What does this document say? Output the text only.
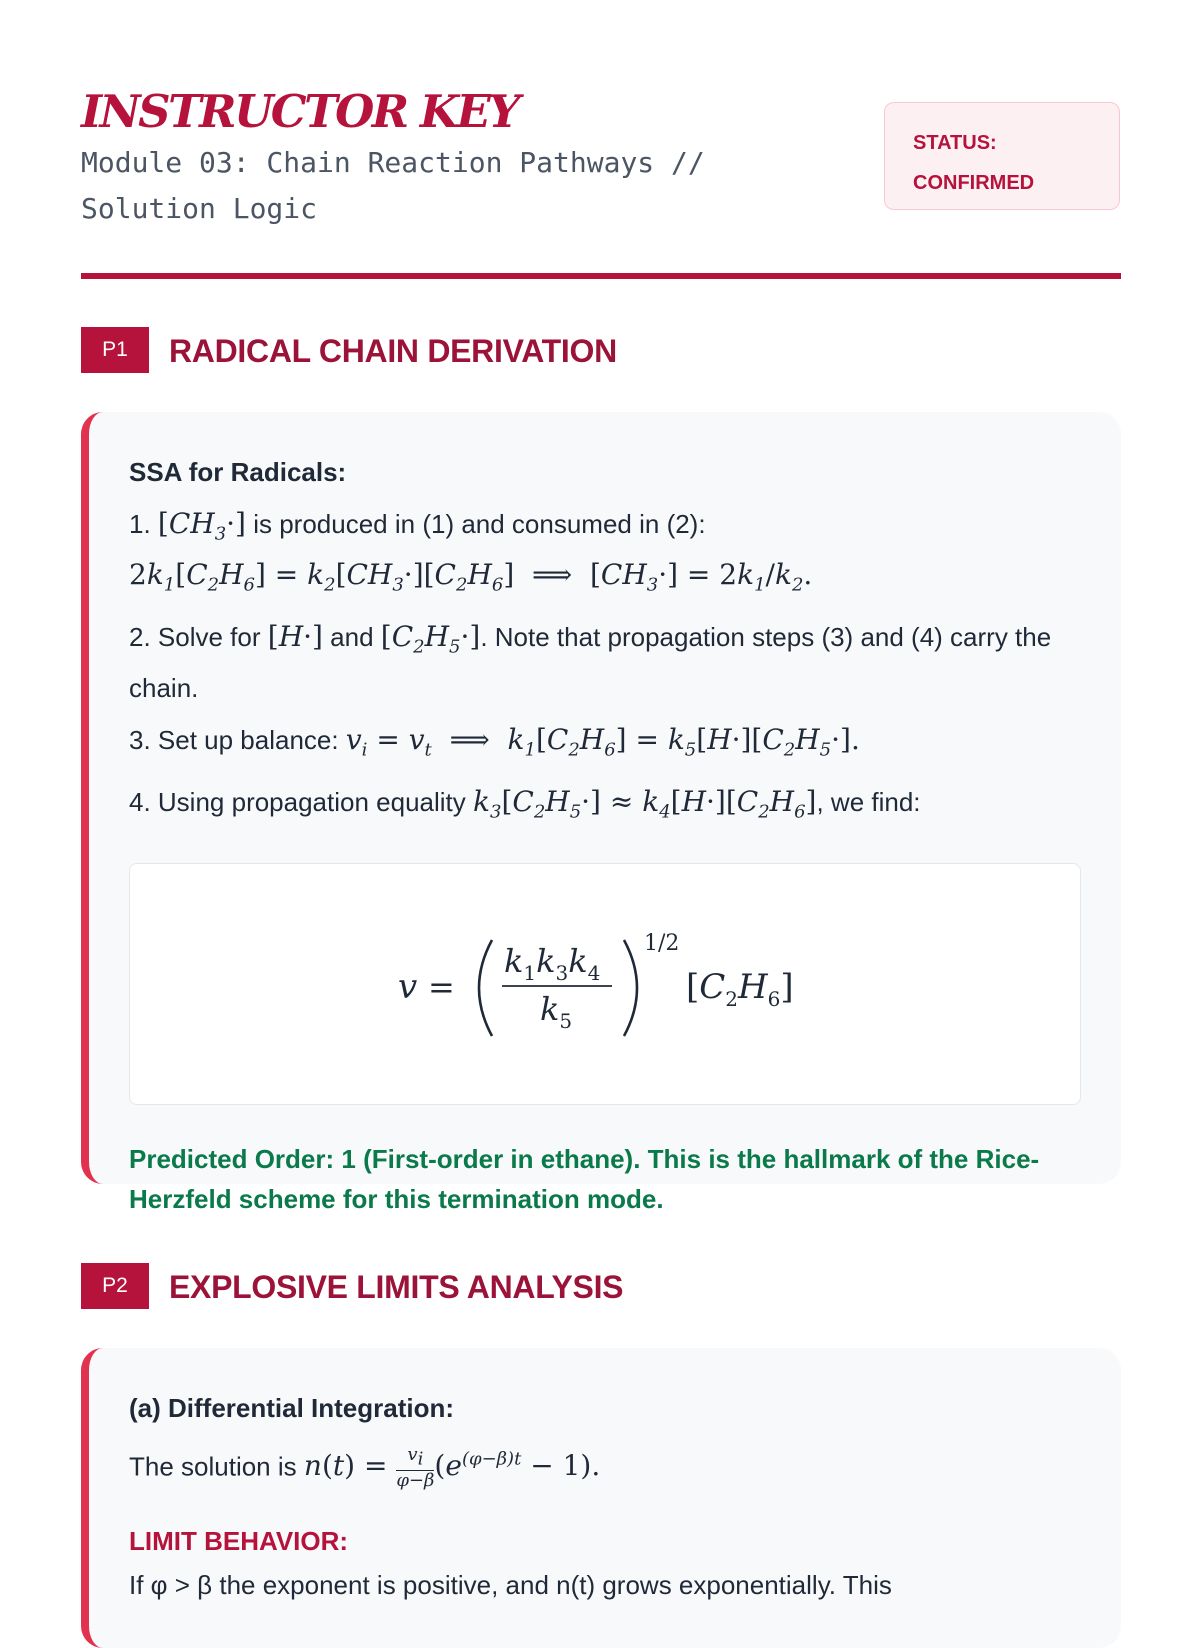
INSTRUCTOR KEY

Module 03: Chain Reaction Pathways // Solution Logic

STATUS:
CONFIRMED
P1	RADICAL CHAIN DERIVATION

SSA for Radicals:

1. $[CH_3\cdot]$ is produced in (1) and consumed in (2):

$2k_1[C_2H_6] = k_2[CH_3\cdot][C_2H_6]$  ⟹  $[CH_3\cdot] = 2k_1/k_2$.

2. Solve for [H·] and $[C_2H_5\cdot]$. Note that propagation steps (3) and (4) carry the chain.

3. Set up balance: $v_i = v_t$  ⟹  $k_1[C_2H_6] = k_5[H\cdot][C_2H_5\cdot]$.

4. Using propagation equality $k_3[C_2H_5\cdot] \approx k_4[H\cdot][C_2H_6]$, we find:

v =
$k_1k_3k_4$
$k_5$
1/2
$[C_2H_6]$

Predicted Order: 1 (First-order in ethane). This is the hallmark of the Rice-Herzfeld scheme for this termination mode.

P2	EXPLOSIVE LIMITS ANALYSIS

(a) Differential Integration:

The solution is $n(t) = \frac{v_i}{\varphi-\beta} (e^{(\varphi-\beta)t} - 1)$.

LIMIT BEHAVIOR:

If φ > β the exponent is positive, and n(t) grows exponentially. This
